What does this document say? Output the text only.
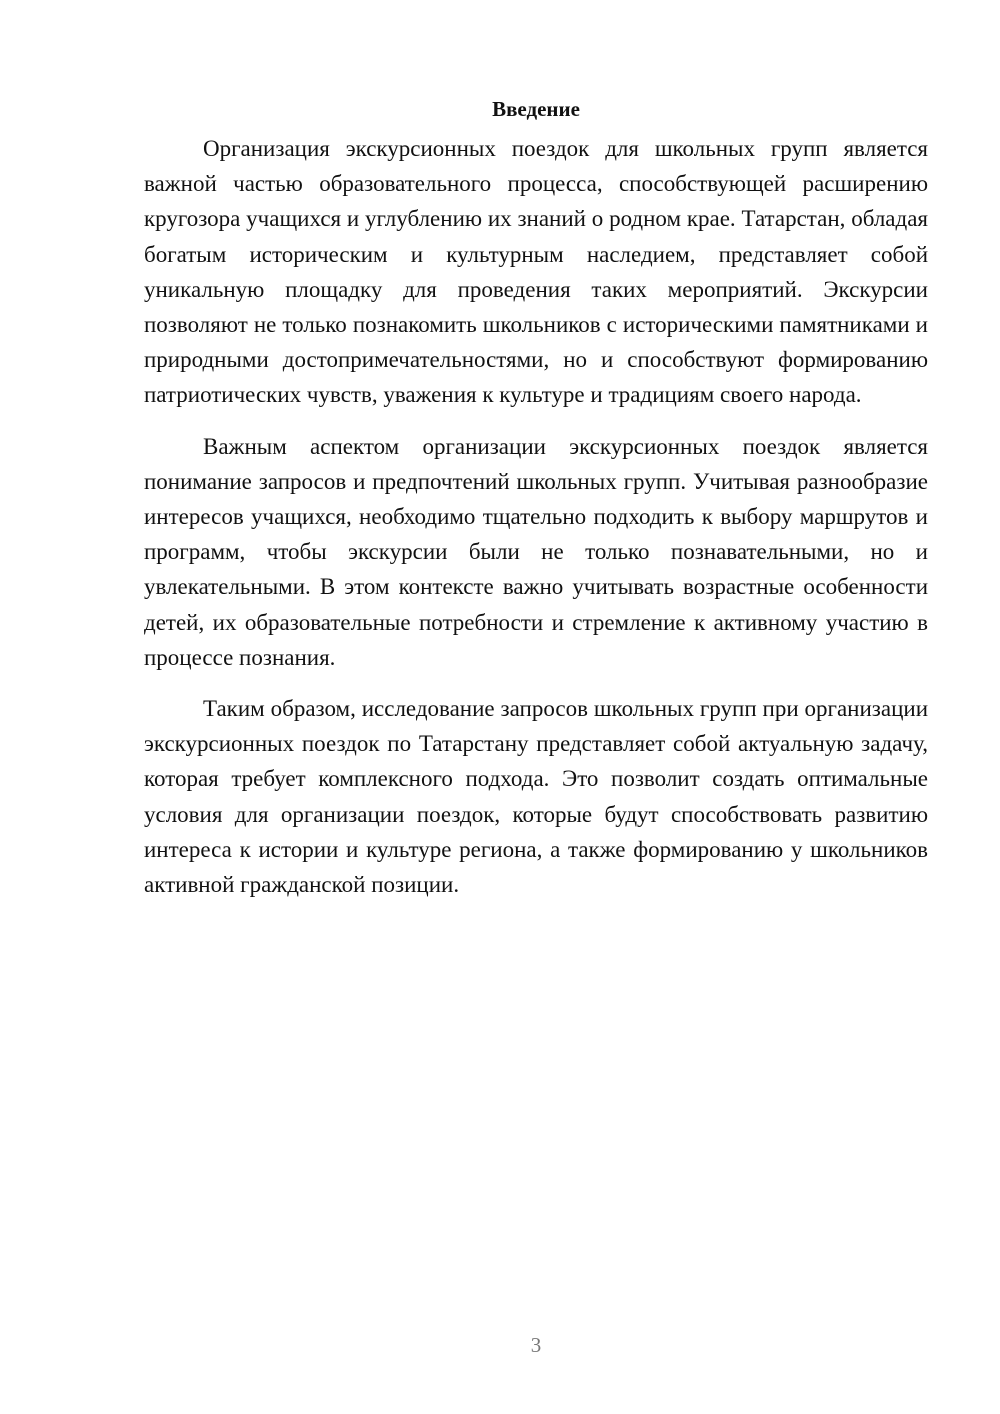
Введение

Организация экскурсионных поездок для школьных групп является важной частью образовательного процесса, способствующей расширению кругозора учащихся и углублению их знаний о родном крае. Татарстан, обладая богатым историческим и культурным наследием, представляет собой уникальную площадку для проведения таких мероприятий. Экскурсии позволяют не только познакомить школьников с историческими памятниками и природными достопримечательностями, но и способствуют формированию патриотических чувств, уважения к культуре и традициям своего народа.

Важным аспектом организации экскурсионных поездок является понимание запросов и предпочтений школьных групп. Учитывая разнообразие интересов учащихся, необходимо тщательно подходить к выбору маршрутов и программ, чтобы экскурсии были не только познавательными, но и увлекательными. В этом контексте важно учитывать возрастные особенности детей, их образовательные потребности и стремление к активному участию в процессе познания.

Таким образом, исследование запросов школьных групп при организации экскурсионных поездок по Татарстану представляет собой актуальную задачу, которая требует комплексного подхода. Это позволит создать оптимальные условия для организации поездок, которые будут способствовать развитию интереса к истории и культуре региона, а также формированию у школьников активной гражданской позиции.

3
